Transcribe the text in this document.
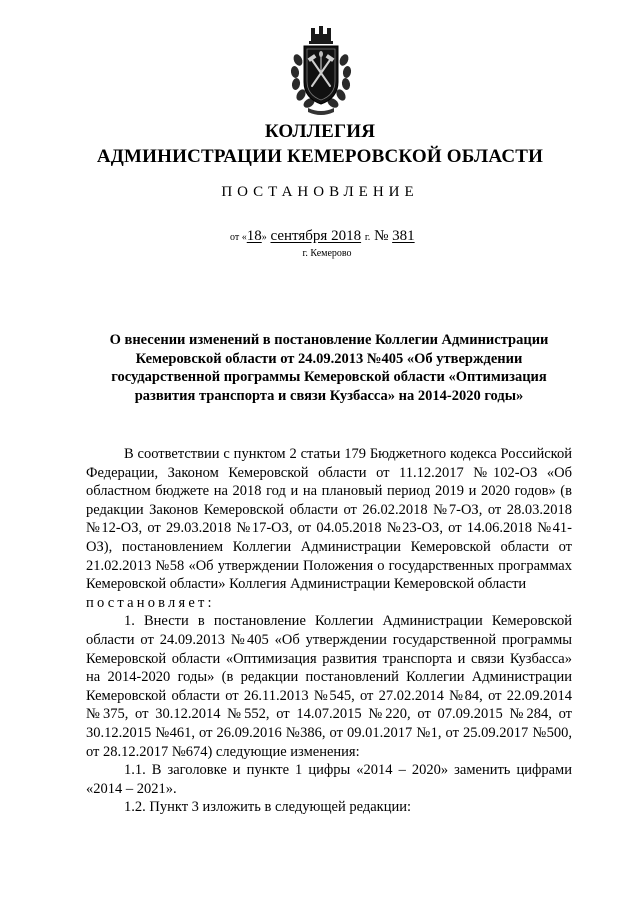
КОЛЛЕГИЯ
АДМИНИСТРАЦИИ КЕМЕРОВСКОЙ ОБЛАСТИ
ПОСТАНОВЛЕНИЕ
от «18» сентября 2018 г. № 381
г. Кемерово
О внесении изменений в постановление Коллегии Администрации Кемеровской области от 24.09.2013 №405 «Об утверждении государственной программы Кемеровской области «Оптимизация развития транспорта и связи Кузбасса» на 2014-2020 годы»

В соответствии с пунктом 2 статьи 179 Бюджетного кодекса Российской Федерации, Законом Кемеровской области от 11.12.2017 №102-ОЗ «Об областном бюджете на 2018 год и на плановый период 2019 и 2020 годов» (в редакции Законов Кемеровской области от 26.02.2018 №7-ОЗ, от 28.03.2018 №12-ОЗ, от 29.03.2018 №17-ОЗ, от 04.05.2018 №23-ОЗ, от 14.06.2018 №41-ОЗ), постановлением Коллегии Администрации Кемеровской области от 21.02.2013 №58 «Об утверждении Положения о государственных программах Кемеровской области» Коллегия Администрации Кемеровской области

постановляет:

1. Внести в постановление Коллегии Администрации Кемеровской области от 24.09.2013 №405 «Об утверждении государственной программы Кемеровской области «Оптимизация развития транспорта и связи Кузбасса» на 2014-2020 годы» (в редакции постановлений Коллегии Администрации Кемеровской области от 26.11.2013 №545, от 27.02.2014 №84, от 22.09.2014 №375, от 30.12.2014 №552, от 14.07.2015 №220, от 07.09.2015 №284, от 30.12.2015 №461, от 26.09.2016 №386, от 09.01.2017 №1, от 25.09.2017 №500, от 28.12.2017 №674) следующие изменения:

1.1. В заголовке и пункте 1 цифры «2014 – 2020» заменить цифрами «2014 – 2021».

1.2. Пункт 3 изложить в следующей редакции:
